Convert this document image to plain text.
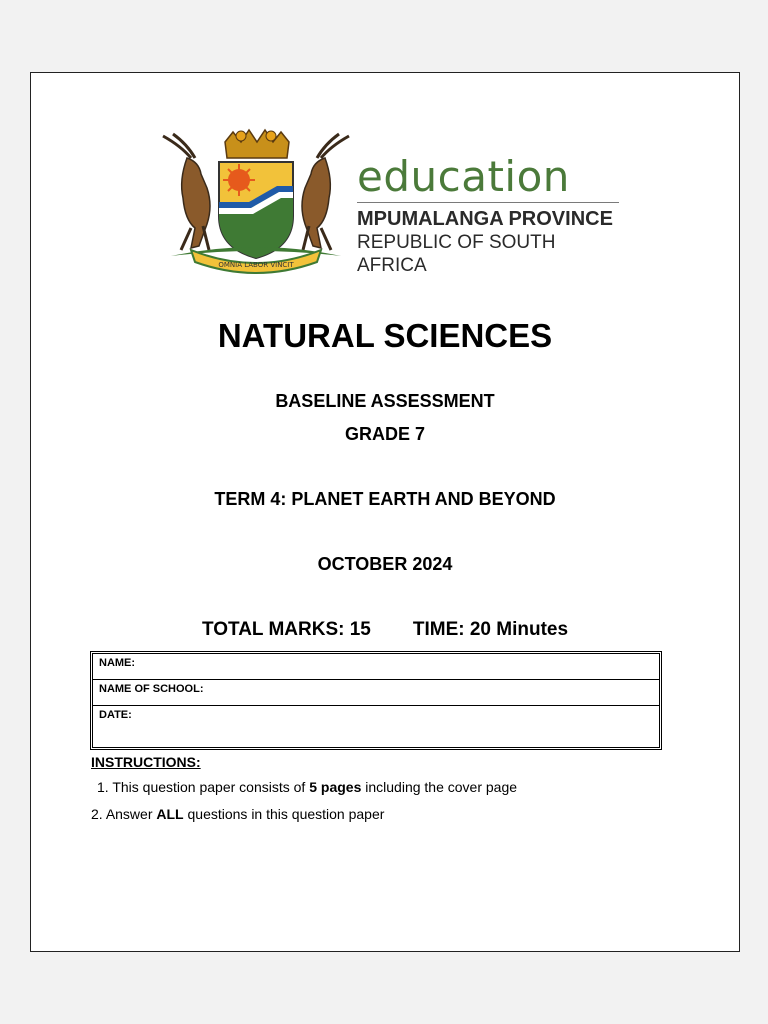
OMNIA LABOR VINCIT
education
MPUMALANGA PROVINCE
REPUBLIC OF SOUTH AFRICA
NATURAL SCIENCES
BASELINE ASSESSMENT
GRADE 7
TERM 4: PLANET EARTH AND BEYOND
OCTOBER 2024
TOTAL MARKS: 15 TIME: 20 Minutes
NAME:
NAME OF SCHOOL:
DATE:
INSTRUCTIONS:
1. This question paper consists of 5 pages including the cover page
2. Answer ALL questions in this question paper
